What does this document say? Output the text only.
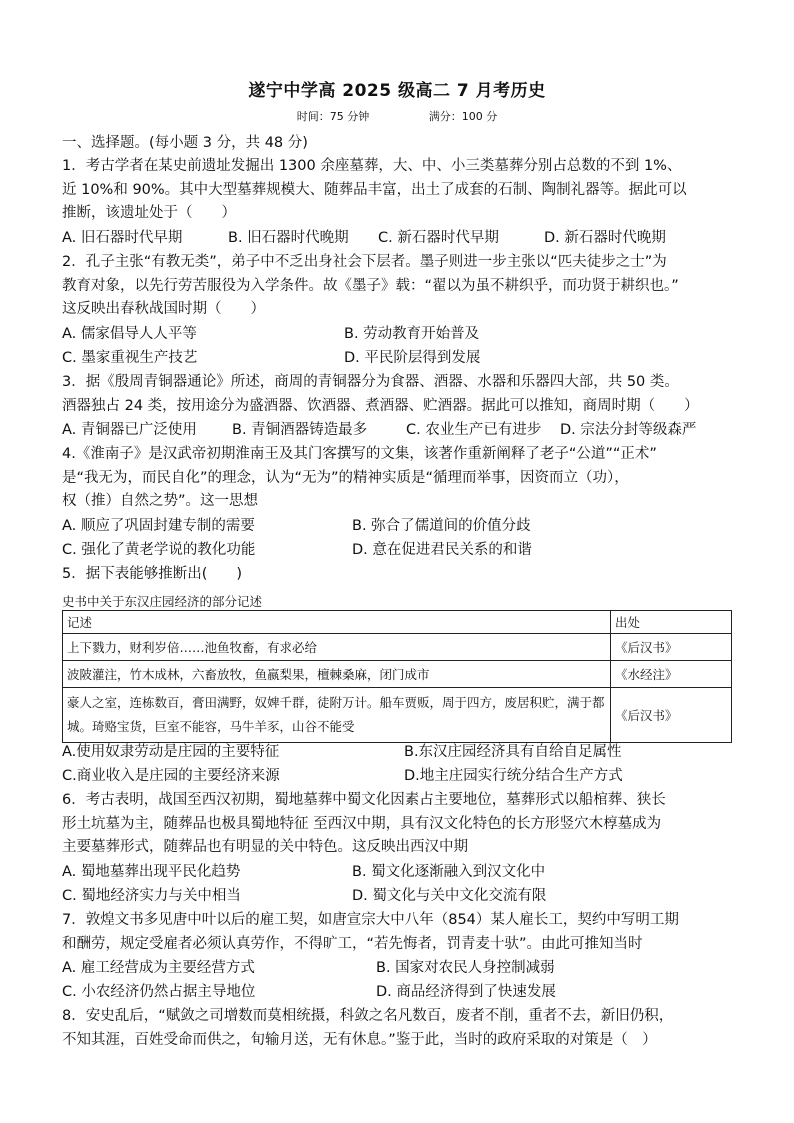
遂宁中学高 2025 级高二 7 月考历史
时间：75 分钟	满分：100 分
一、选择题。(每小题 3 分，共 48 分)
1．考古学者在某史前遗址发掘出 1300 余座墓葬，大、中、小三类墓葬分别占总数的不到 1%、
近 10%和 90%。其中大型墓葬规模大、随葬品丰富，出土了成套的石制、陶制礼器等。据此可以
推断，该遗址处于（　　）
A. 旧石器时代早期	B. 旧石器时代晚期 C. 新石器时代早期	D. 新石器时代晚期
2．孔子主张“有教无类”，弟子中不乏出身社会下层者。墨子则进一步主张以“匹夫徒步之士”为
教育对象，以先行劳苦服役为入学条件。故《墨子》载：“翟以为虽不耕织乎，而功贤于耕织也。”
这反映出春秋战国时期（　　）
A. 儒家倡导人人平等	B. 劳动教育开始普及
C. 墨家重视生产技艺	D. 平民阶层得到发展
3．据《殷周青铜器通论》所述，商周的青铜器分为食器、酒器、水器和乐器四大部，共 50 类。
酒器独占 24 类，按用途分为盛酒器、饮酒器、煮酒器、贮酒器。据此可以推知，商周时期（　　）
A. 青铜器已广泛使用 B. 青铜酒器铸造最多	C. 农业生产已有进步 D. 宗法分封等级森严
4.《淮南子》是汉武帝初期淮南王及其门客撰写的文集，该著作重新阐释了老子“公道”“正术”
是“我无为，而民自化”的理念，认为“无为”的精神实质是“循理而举事，因资而立（功），
权（推）自然之势”。这一思想
A. 顺应了巩固封建专制的需要	B. 弥合了儒道间的价值分歧
C. 强化了黄老学说的教化功能	D. 意在促进君民关系的和谐
5．据下表能够推断出(　　)
史书中关于东汉庄园经济的部分记述
记述	出处
上下戮力，财利岁倍……池鱼牧畜，有求必给	《后汉书》
波陂灌注，竹木成林，六畜放牧，鱼嬴梨果，檀棘桑麻，闭门成市	《水经注》
豪人之室，连栋数百，膏田满野，奴婢千群，徒附万计。船车贾贩，周于四方，废居积贮，满于都城。琦赂宝货，巨室不能容，马牛羊豕，山谷不能受	《后汉书》
A.使用奴隶劳动是庄园的主要特征	B.东汉庄园经济具有自给自足属性
C.商业收入是庄园的主要经济来源	D.地主庄园实行统分结合生产方式
6．考古表明，战国至西汉初期，蜀地墓葬中蜀文化因素占主要地位，墓葬形式以船棺葬、狭长
形土坑墓为主，随葬品也极具蜀地特征 至西汉中期，具有汉文化特色的长方形竖穴木椁墓成为
主要墓葬形式，随葬品也有明显的关中特色。这反映出西汉中期
A. 蜀地墓葬出现平民化趋势	B. 蜀文化逐渐融入到汉文化中
C. 蜀地经济实力与关中相当	D. 蜀文化与关中文化交流有限
7．敦煌文书多见唐中叶以后的雇工契，如唐宣宗大中八年（854）某人雇长工，契约中写明工期
和酬劳，规定受雇者必须认真劳作，不得旷工，“若先悔者，罚青麦十驮”。由此可推知当时
A. 雇工经营成为主要经营方式	B. 国家对农民人身控制减弱
C. 小农经济仍然占据主导地位	D. 商品经济得到了快速发展
8．安史乱后，“赋敛之司增数而莫相统摄，科敛之名凡数百，废者不削，重者不去，新旧仍积，
不知其涯，百姓受命而供之，旬输月送，无有休息。”鉴于此，当时的政府采取的对策是（　）
